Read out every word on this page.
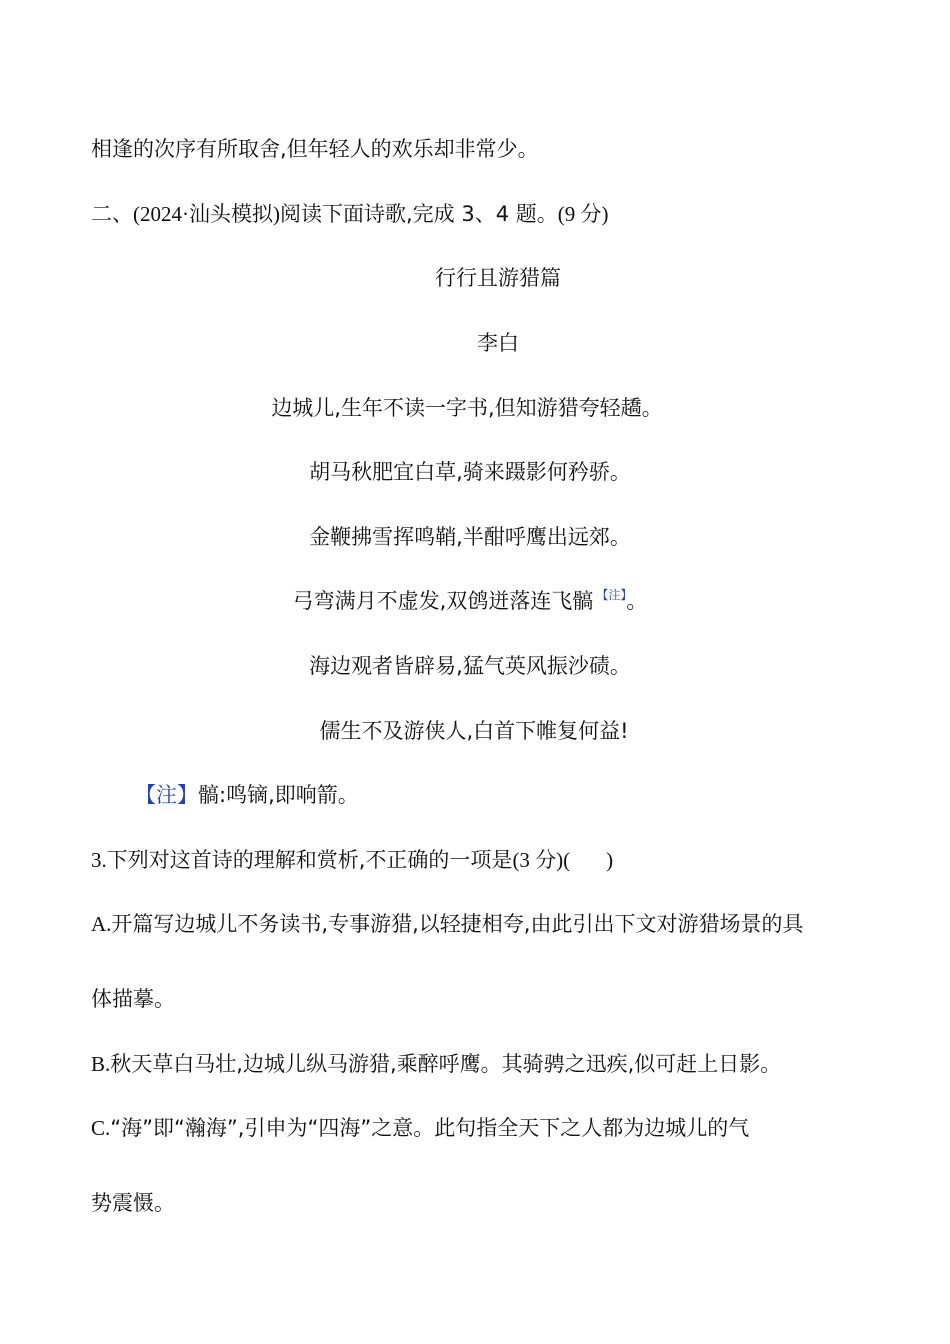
相逢的次序有所取舍,但年轻人的欢乐却非常少。
二、(2024·汕头模拟)阅读下面诗歌,完成 3、4 题。(9 分)
行行且游猎篇
李白
边城儿,生年不读一字书,但知游猎夸轻趫。
胡马秋肥宜白草,骑来蹑影何矜骄。
金鞭拂雪挥鸣鞘,半酣呼鹰出远郊。
弓弯满月不虚发,双鸧迸落连飞髇 $^{【注】}$。
海边观者皆辟易,猛气英风振沙碛。
儒生不及游侠人,白首下帷复何益!
【注】髇:鸣镝,即响箭。
3.下列对这首诗的理解和赏析,不正确的一项是(3 分)( )
A.开篇写边城儿不务读书,专事游猎,以轻捷相夸,由此引出下文对游猎场景的具
体描摹。
B.秋天草白马壮,边城儿纵马游猎,乘醉呼鹰。其骑骋之迅疾,似可赶上日影。
C.“海”即“瀚海”,引申为“四海”之意。此句指全天下之人都为边城儿的气
势震慑。
